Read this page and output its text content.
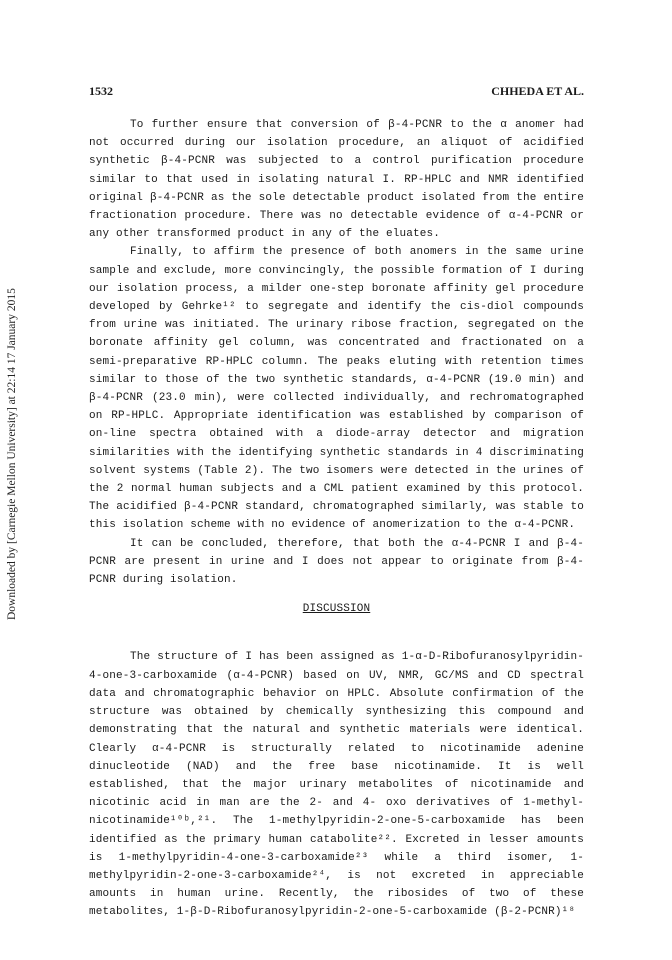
1532	CHHEDA ET AL.
Downloaded by [Carnegie Mellon University] at 22:14 17 January 2015

To further ensure that conversion of β-4-PCNR to the α anomer had not occurred during our isolation procedure, an aliquot of acidified synthetic β-4-PCNR was subjected to a control purification procedure similar to that used in isolating natural I. RP-HPLC and NMR identified original β-4-PCNR as the sole detectable product isolated from the entire fractionation procedure. There was no detectable evidence of α-4-PCNR or any other transformed product in any of the eluates.

Finally, to affirm the presence of both anomers in the same urine sample and exclude, more convincingly, the possible formation of I during our isolation process, a milder one-step boronate affinity gel procedure developed by Gehrke¹² to segregate and identify the cis-diol compounds from urine was initiated. The urinary ribose fraction, segregated on the boronate affinity gel column, was concentrated and fractionated on a semi-preparative RP-HPLC column. The peaks eluting with retention times similar to those of the two synthetic standards, α-4-PCNR (19.0 min) and β-4-PCNR (23.0 min), were collected individually, and rechromatographed on RP-HPLC. Appropriate identification was established by comparison of on-line spectra obtained with a diode-array detector and migration similarities with the identifying synthetic standards in 4 discriminating solvent systems (Table 2). The two isomers were detected in the urines of the 2 normal human subjects and a CML patient examined by this protocol. The acidified β-4-PCNR standard, chromatographed similarly, was stable to this isolation scheme with no evidence of anomerization to the α-4-PCNR.

It can be concluded, therefore, that both the α-4-PCNR I and β-4-PCNR are present in urine and I does not appear to originate from β-4-PCNR during isolation.

DISCUSSION

The structure of I has been assigned as 1-α-D-Ribofuranosylpyridin-4-one-3-carboxamide (α-4-PCNR) based on UV, NMR, GC/MS and CD spectral data and chromatographic behavior on HPLC. Absolute confirmation of the structure was obtained by chemically synthesizing this compound and demonstrating that the natural and synthetic materials were identical. Clearly α-4-PCNR is structurally related to nicotinamide adenine dinucleotide (NAD) and the free base nicotinamide. It is well established, that the major urinary metabolites of nicotinamide and nicotinic acid in man are the 2- and 4- oxo derivatives of 1-methyl-nicotinamide¹⁰ᵇ,²¹. The 1-methylpyridin-2-one-5-carboxamide has been identified as the primary human catabolite²². Excreted in lesser amounts is 1-methylpyridin-4-one-3-carboxamide²³ while a third isomer, 1-methylpyridin-2-one-3-carboxamide²⁴, is not excreted in appreciable amounts in human urine. Recently, the ribosides of two of these metabolites, 1-β-D-Ribofuranosylpyridin-2-one-5-carboxamide (β-2-PCNR)¹⁸
